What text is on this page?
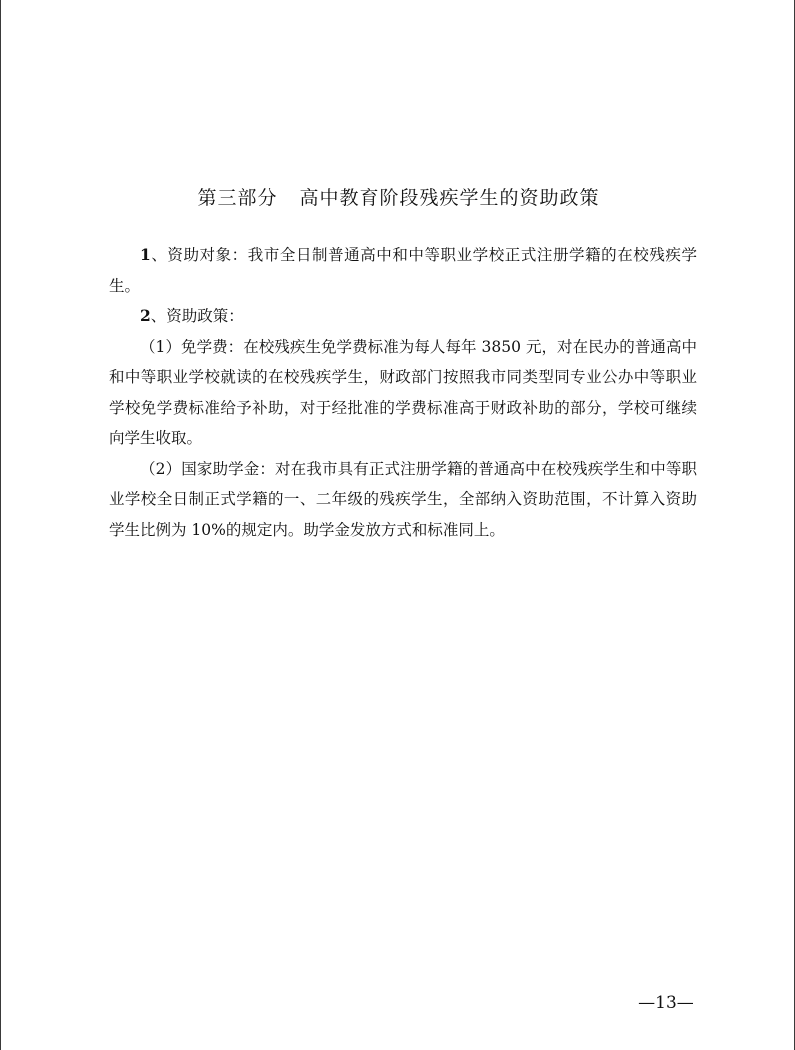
第三部分 高中教育阶段残疾学生的资助政策

1、资助对象：我市全日制普通高中和中等职业学校正式注册学籍的在校残疾学生。

2、资助政策：

（1）免学费：在校残疾生免学费标准为每人每年 3850 元，对在民办的普通高中和中等职业学校就读的在校残疾学生，财政部门按照我市同类型同专业公办中等职业学校免学费标准给予补助，对于经批准的学费标准高于财政补助的部分，学校可继续向学生收取。

（2）国家助学金：对在我市具有正式注册学籍的普通高中在校残疾学生和中等职业学校全日制正式学籍的一、二年级的残疾学生，全部纳入资助范围，不计算入资助学生比例为 10%的规定内。助学金发放方式和标准同上。

—13—
